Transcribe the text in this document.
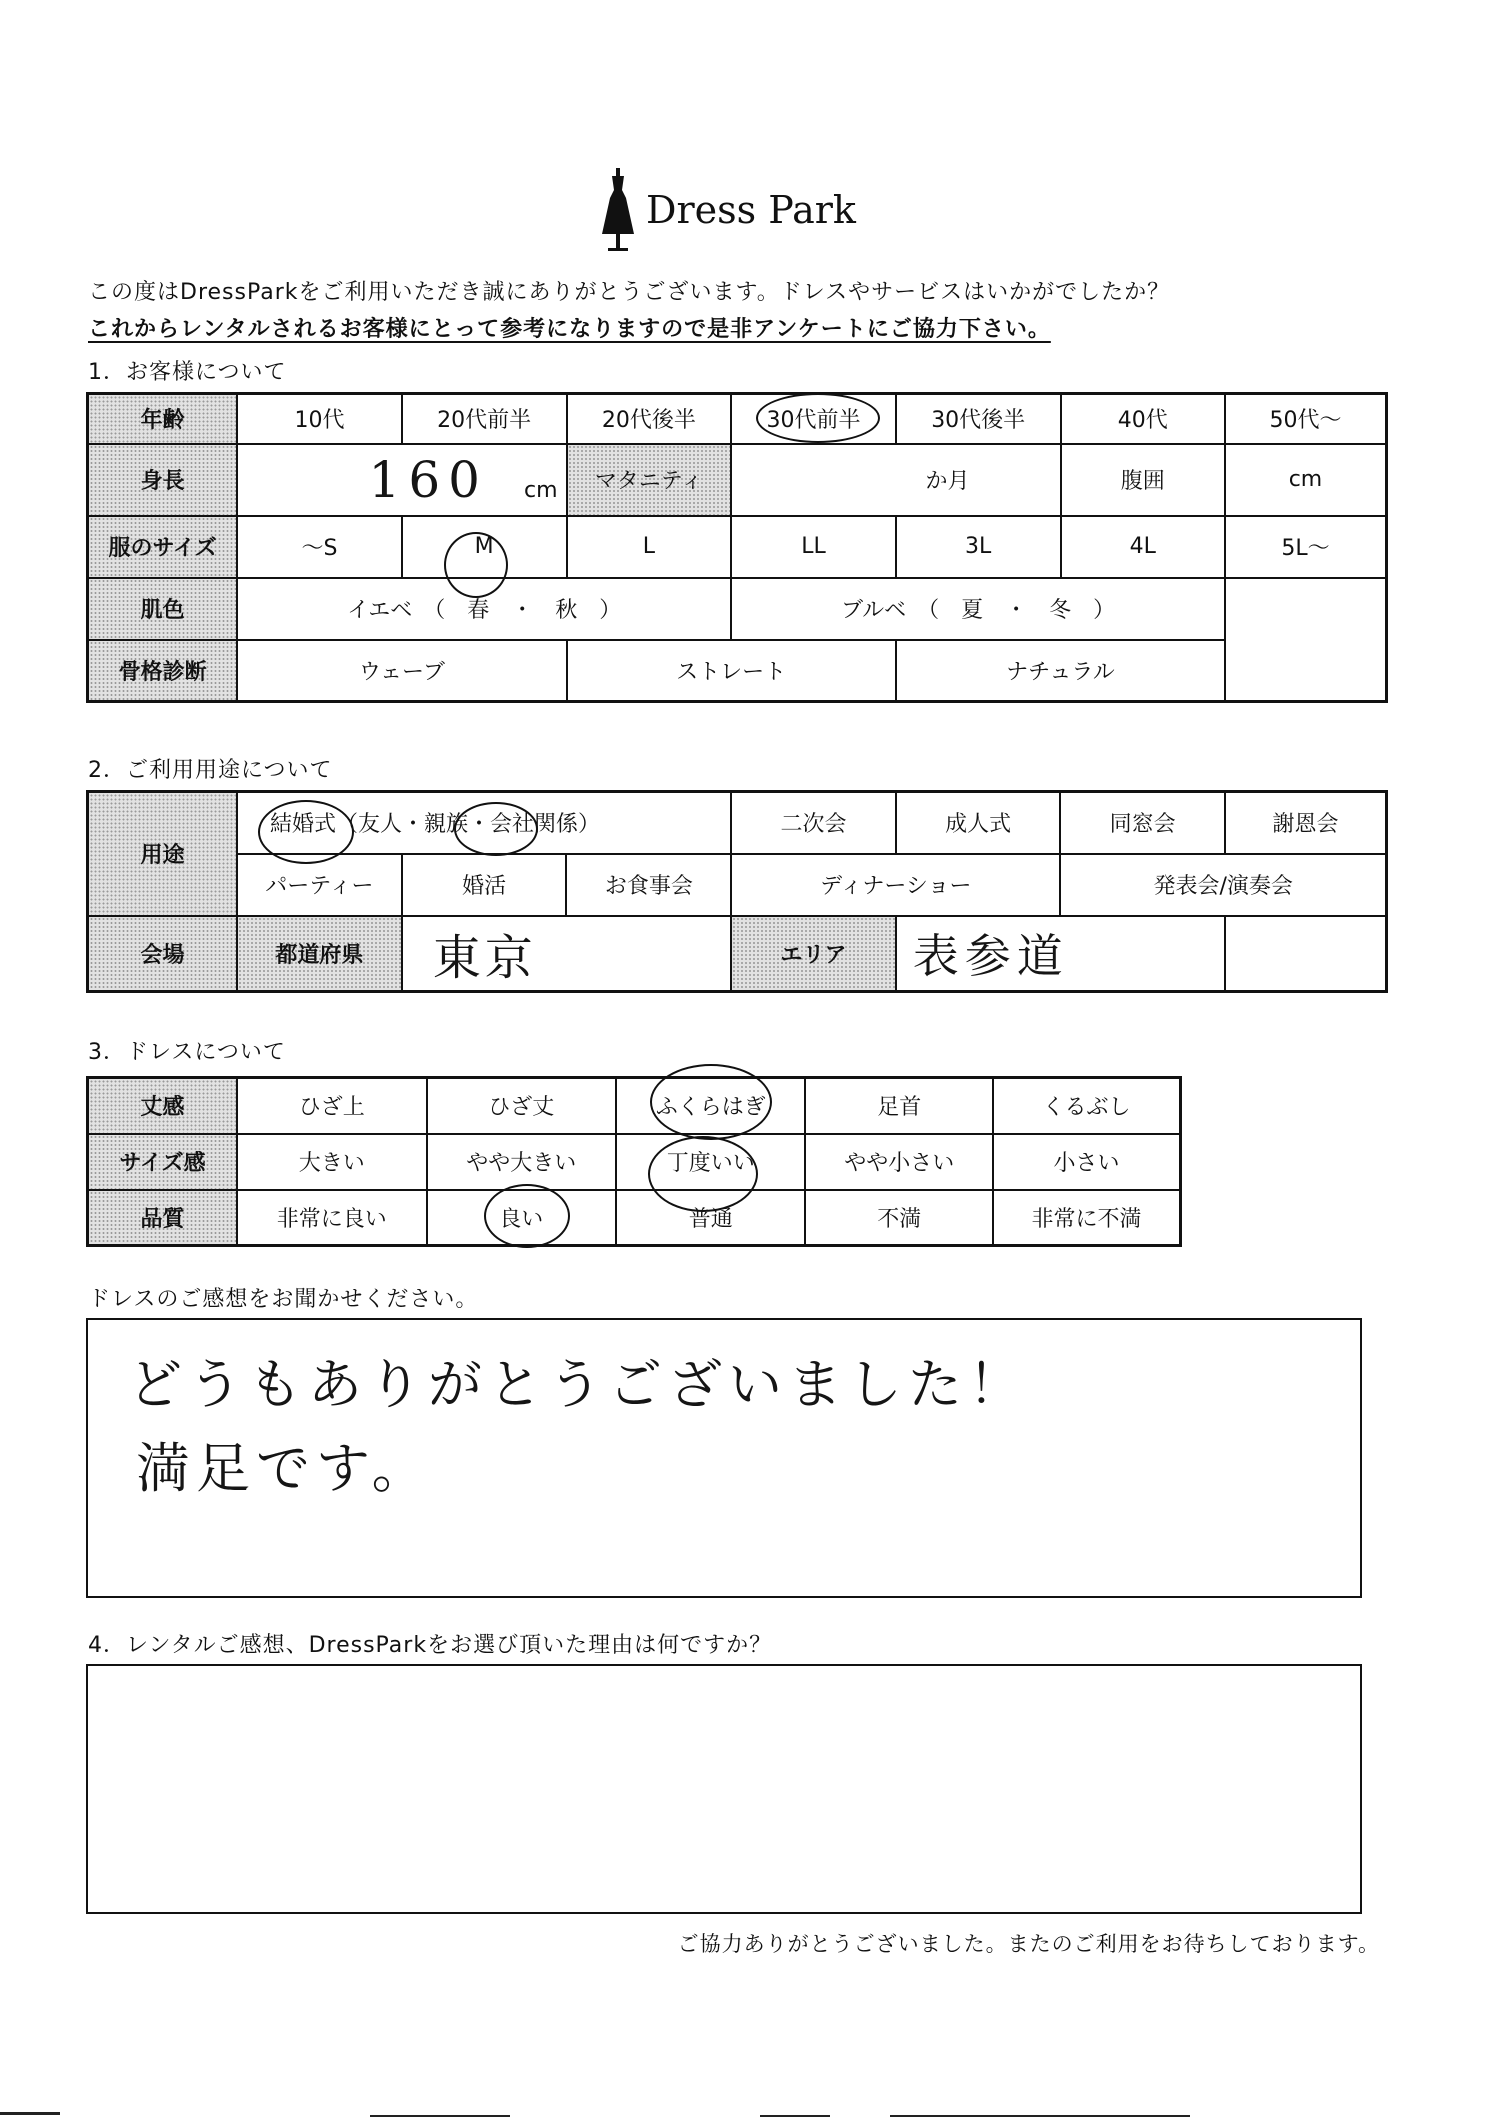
Dress Park
この度はDressParkをご利用いただき誠にありがとうございます。ドレスやサービスはいかがでしたか？
これからレンタルされるお客様にとって参考になりますので是非アンケートにご協力下さい。
1．お客様について
年齢	10代	20代前半	20代後半	30代前半	30代後半	40代	50代～
身長	160 cm		マタニティ	か月		腹囲	cm
服のサイズ	～S	M	L	LL	3L	4L	5L～
肌色	イエベ　（　春　・　秋　）			ブルベ　（　夏　・　冬　）			
骨格診断	ウェーブ		ストレート		ナチュラル		
2．ご利用用途について
用途	結婚式（友人・親族・会社関係）			二次会	成人式	同窓会	謝恩会
	パーティー	婚活	お食事会	ディナーショー		発表会/演奏会	
会場	都道府県	東京		エリア	表参道		
3．ドレスについて
丈感	ひざ上	ひざ丈	ふくらはぎ	足首	くるぶし
サイズ感	大きい	やや大きい	丁度いい	やや小さい	小さい
品質	非常に良い	良い	普通	不満	非常に不満
ドレスのご感想をお聞かせください。
どうもありがとうございました！
満足です。
4．レンタルご感想、DressParkをお選び頂いた理由は何ですか？
ご協力ありがとうございました。またのご利用をお待ちしております。
